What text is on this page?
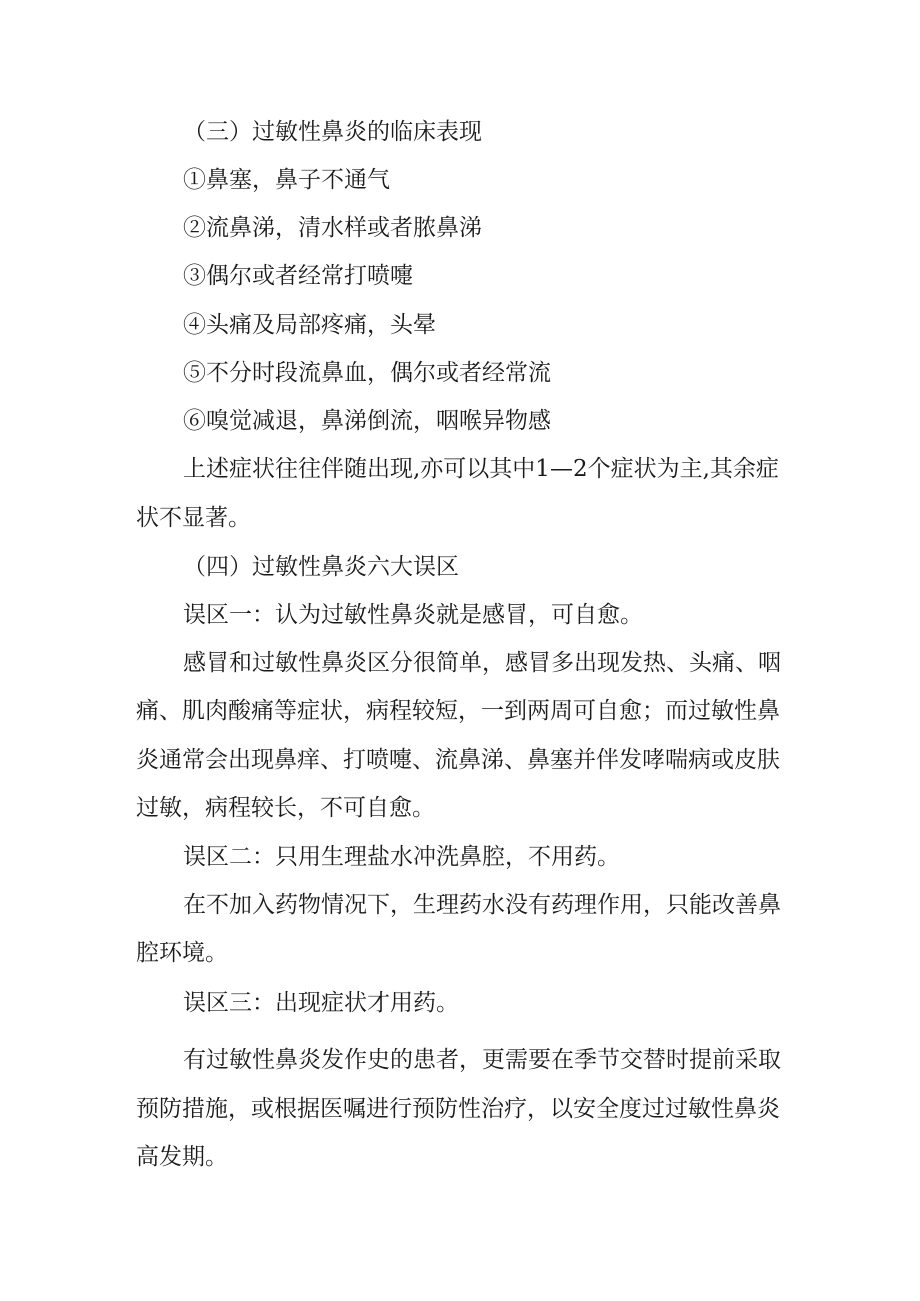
（三）过敏性鼻炎的临床表现

①鼻塞，鼻子不通气

②流鼻涕，清水样或者脓鼻涕

③偶尔或者经常打喷嚏

④头痛及局部疼痛，头晕

⑤不分时段流鼻血，偶尔或者经常流

⑥嗅觉减退，鼻涕倒流，咽喉异物感

上述症状往往伴随出现,亦可以其中1—2个症状为主,其余症

状不显著。

（四）过敏性鼻炎六大误区

误区一：认为过敏性鼻炎就是感冒，可自愈。

感冒和过敏性鼻炎区分很简单，感冒多出现发热、头痛、咽

痛、肌肉酸痛等症状，病程较短，一到两周可自愈；而过敏性鼻

炎通常会出现鼻痒、打喷嚏、流鼻涕、鼻塞并伴发哮喘病或皮肤

过敏，病程较长，不可自愈。

误区二：只用生理盐水冲洗鼻腔，不用药。

在不加入药物情况下，生理药水没有药理作用，只能改善鼻

腔环境。

误区三：出现症状才用药。

有过敏性鼻炎发作史的患者，更需要在季节交替时提前采取

预防措施，或根据医嘱进行预防性治疗，以安全度过过敏性鼻炎

高发期。
